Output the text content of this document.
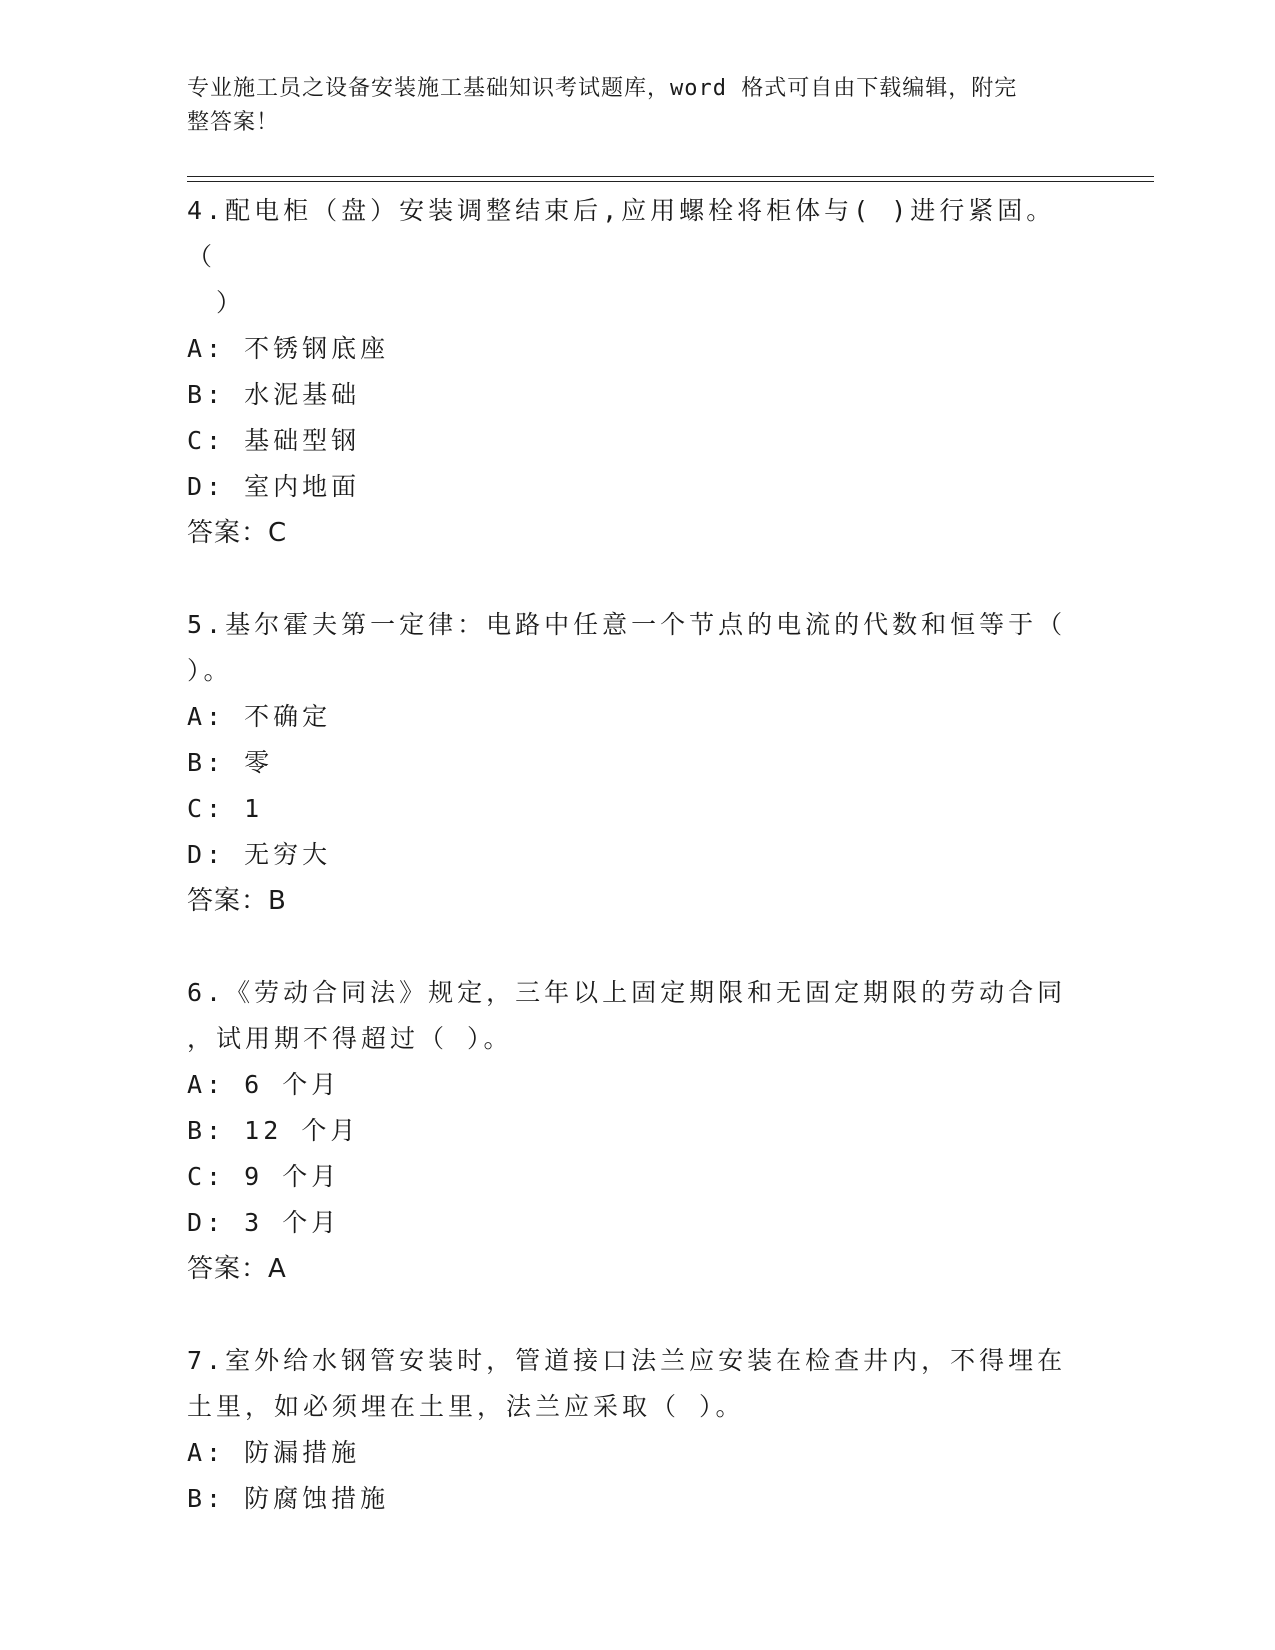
专业施工员之设备安装施工基础知识考试题库，word 格式可自由下载编辑，附完
整答案！
4.配电柜（盘）安装调整结束后,应用螺栓将柜体与( )进行紧固。（
　）
A: 不锈钢底座
B: 水泥基础
C: 基础型钢
D: 室内地面
答案：C
5.基尔霍夫第一定律：电路中任意一个节点的电流的代数和恒等于（
）。
A: 不确定
B: 零
C: 1
D: 无穷大
答案：B
6.《劳动合同法》规定，三年以上固定期限和无固定期限的劳动合同
，试用期不得超过（ ）。
A: 6 个月
B: 12 个月
C: 9 个月
D: 3 个月
答案：A
7.室外给水钢管安装时，管道接口法兰应安装在检查井内，不得埋在
土里，如必须埋在土里，法兰应采取（ ）。
A: 防漏措施
B: 防腐蚀措施
